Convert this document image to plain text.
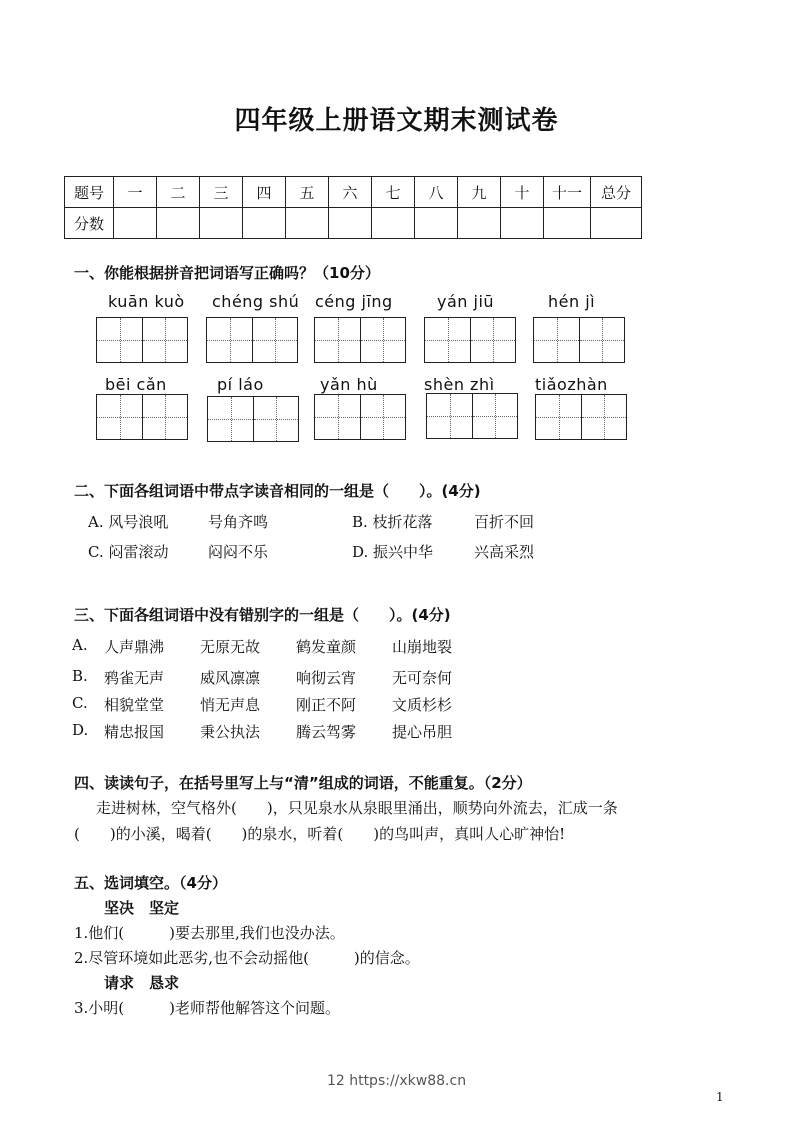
四年级上册语文期末测试卷
题号	一	二	三	四	五	六	七	八	九	十	十一	总分
分数												
一、你能根据拼音把词语写正确吗？（10分）
kuān kuò chéng shú céng jīng	yán jiū	hén jì
bēi cǎn	pí láo	yǎn hù	shèn zhì	tiǎozhàn
二、下面各组词语中带点字读音相同的一组是（　　）。(4分)
A. 风号浪吼	号角齐鸣	B. 枝折花落	百折不回
C. 闷雷滚动	闷闷不乐	D. 振兴中华	兴高采烈
三、下面各组词语中没有错别字的一组是（　　）。(4分)
A. 人声鼎沸 无原无故 鹤发童颜 山崩地裂
B. 鸦雀无声 威风凛凛 响彻云宵 无可奈何
C. 相貌堂堂 悄无声息 刚正不阿 文质杉杉
D. 精忠报国 秉公执法 腾云驾雾 提心吊胆
四、读读句子，在括号里写上与“清”组成的词语，不能重复。（2分）
走进树林，空气格外(　　)，只见泉水从泉眼里涌出，顺势向外流去，汇成一条
(　　)的小溪，喝着(　　)的泉水，听着(　　)的鸟叫声，真叫人心旷神怡!
五、选词填空。（4分）
坚决　坚定
1.他们(　　　)要去那里,我们也没办法。
2.尽管环境如此恶劣,也不会动摇他(　　　)的信念。
请求　恳求
3.小明(　　　)老师帮他解答这个问题。
12 https://xkw88.cn
1
